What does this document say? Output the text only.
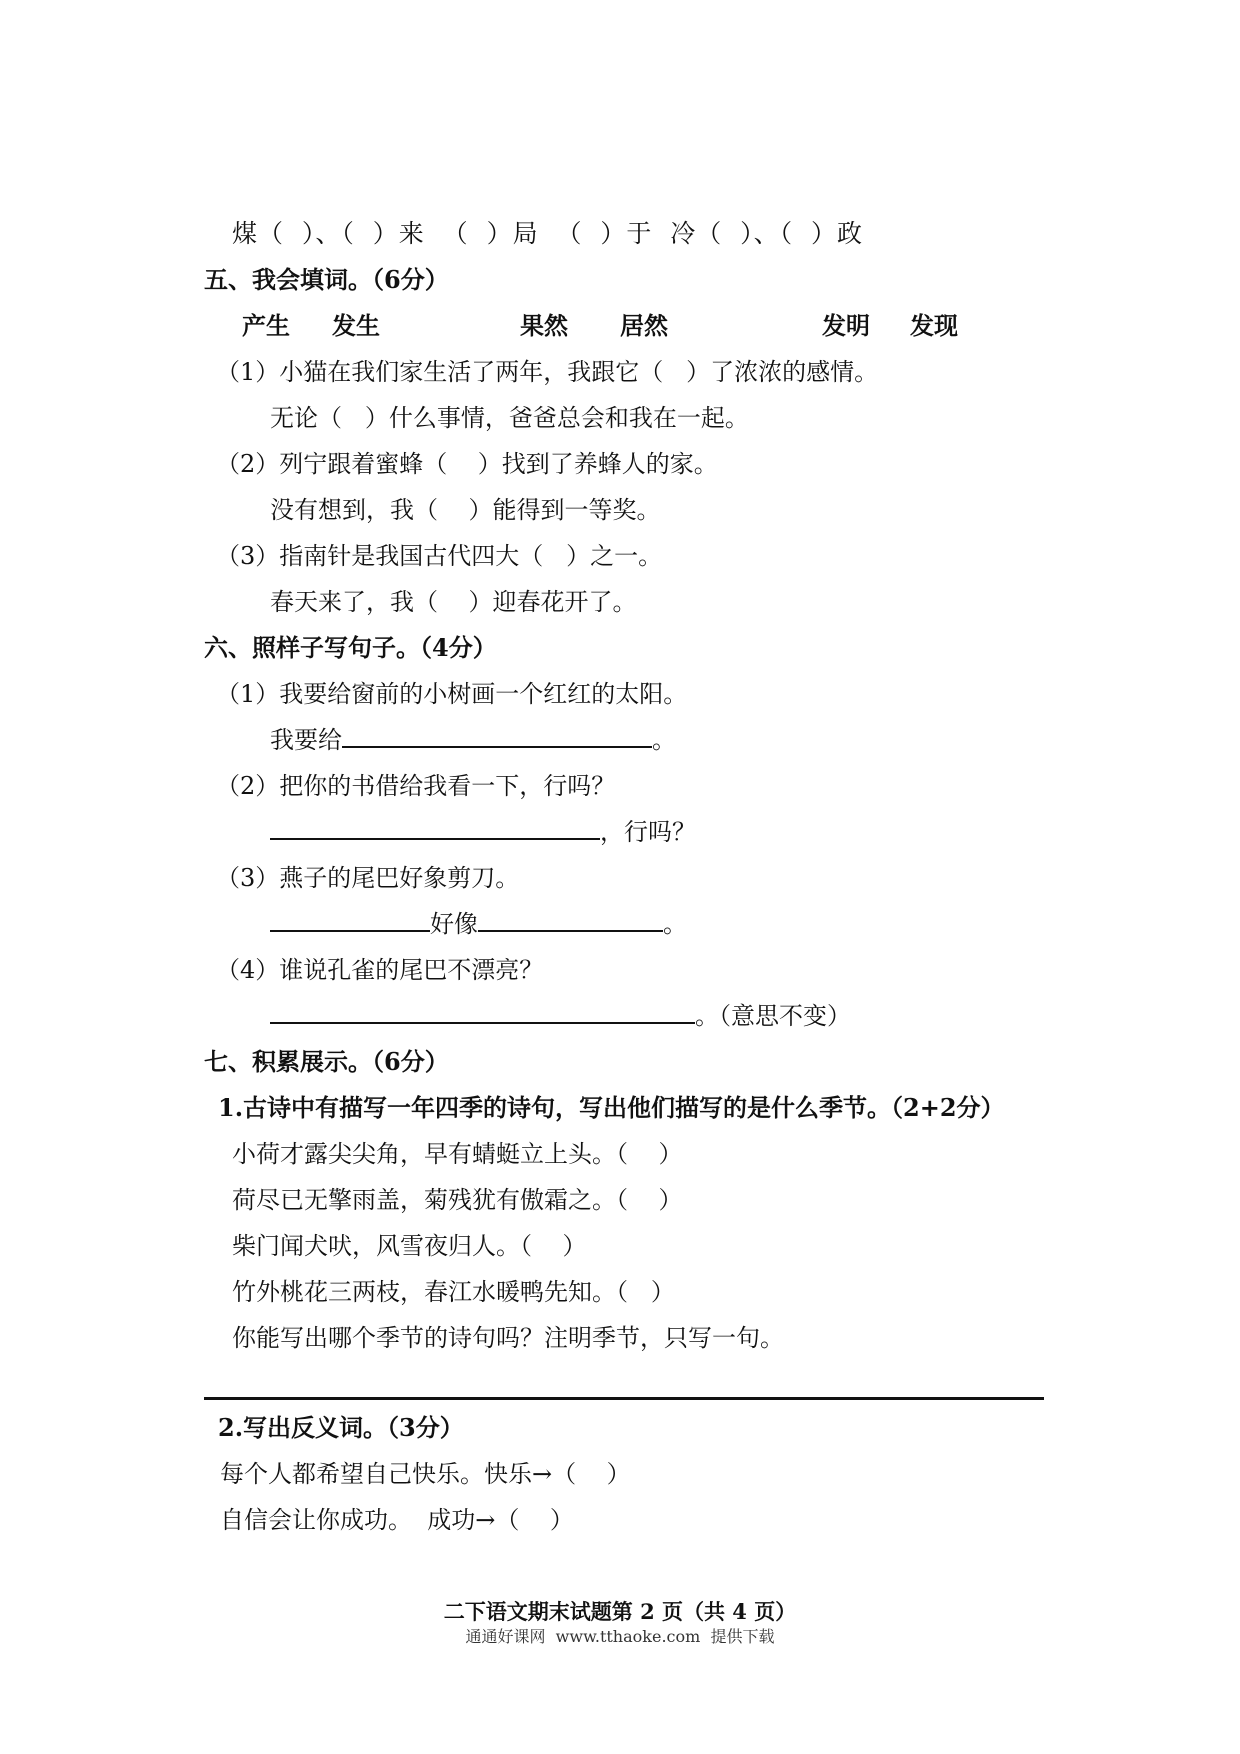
煤（  ）、（  ）来  （  ）局  （  ）于  冷（  ）、（  ）政
五、我会填词。（6分）
产生 发生	果然 居然	发明 发现
（1）小猫在我们家生活了两年，我跟它（   ）了浓浓的感情。
无论（   ）什么事情，爸爸总会和我在一起。
（2）列宁跟着蜜蜂（    ）找到了养蜂人的家。
没有想到，我（    ）能得到一等奖。
（3）指南针是我国古代四大（   ）之一。
春天来了，我（    ）迎春花开了。
六、照样子写句子。（4分）
（1）我要给窗前的小树画一个红红的太阳。
我要给	。
（2）把你的书借给我看一下，行吗？
，行吗？
（3）燕子的尾巴好象剪刀。
好像	。
（4）谁说孔雀的尾巴不漂亮？
。（意思不变）
七、积累展示。（6分）
1.古诗中有描写一年四季的诗句，写出他们描写的是什么季节。（2+2分）
小荷才露尖尖角，早有蜻蜓立上头。（    ）
荷尽已无擎雨盖，菊残犹有傲霜之。（    ）
柴门闻犬吠，风雪夜归人。（    ）
竹外桃花三两枝，春江水暖鸭先知。（   ）
你能写出哪个季节的诗句吗？注明季节，只写一句。
2.写出反义词。（3分）
每个人都希望自己快乐。快乐→（    ）
自信会让你成功。  成功→（    ）
二下语文期末试题第 2 页（共 4 页）
通通好课网  www.tthaoke.com  提供下载
